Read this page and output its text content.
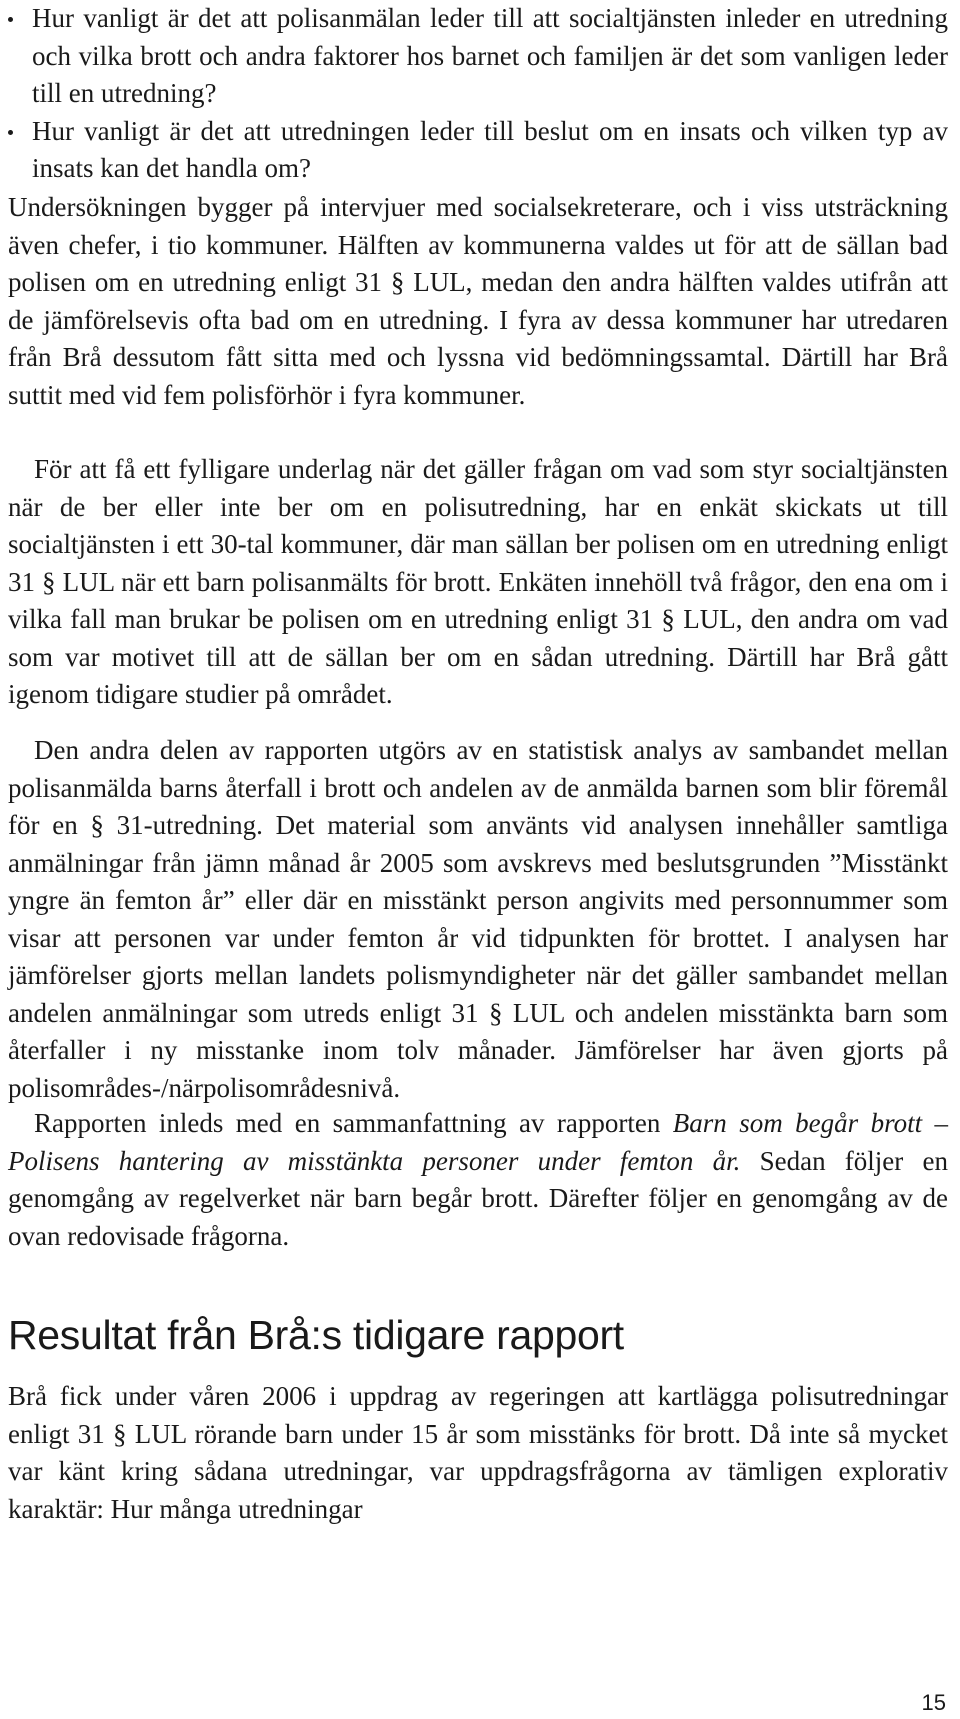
Hur vanligt är det att polisanmälan leder till att socialtjänsten inleder en utredning och vilka brott och andra faktorer hos barnet och familjen är det som vanligen leder till en utredning?
Hur vanligt är det att utredningen leder till beslut om en insats och vilken typ av insats kan det handla om?

Undersökningen bygger på intervjuer med socialsekreterare, och i viss utsträckning även chefer, i tio kommuner. Hälften av kommunerna valdes ut för att de sällan bad polisen om en utredning enligt 31 § LUL, medan den andra hälften valdes utifrån att de jämförelsevis ofta bad om en utredning. I fyra av dessa kommuner har utredaren från Brå dessutom fått sitta med och lyssna vid bedömningssamtal. Därtill har Brå suttit med vid fem polisförhör i fyra kommuner.

För att få ett fylligare underlag när det gäller frågan om vad som styr socialtjänsten när de ber eller inte ber om en polisutredning, har en enkät skickats ut till socialtjänsten i ett 30-tal kommuner, där man sällan ber polisen om en utredning enligt 31 § LUL när ett barn polisanmälts för brott. Enkäten innehöll två frågor, den ena om i vilka fall man brukar be polisen om en utredning enligt 31 § LUL, den andra om vad som var motivet till att de sällan ber om en sådan utredning. Därtill har Brå gått igenom tidigare studier på området.

Den andra delen av rapporten utgörs av en statistisk analys av sambandet mellan polisanmälda barns återfall i brott och andelen av de anmälda barnen som blir föremål för en § 31-utredning. Det material som använts vid analysen innehåller samtliga anmälningar från jämn månad år 2005 som avskrevs med beslutsgrunden ”Misstänkt yngre än femton år” eller där en misstänkt person angivits med personnummer som visar att personen var under femton år vid tidpunkten för brottet. I analysen har jämförelser gjorts mellan landets polismyndigheter när det gäller sambandet mellan andelen anmälningar som utreds enligt 31 § LUL och andelen misstänkta barn som återfaller i ny misstanke inom tolv månader. Jämförelser har även gjorts på polisområdes-/närpolisområdesnivå.

Rapporten inleds med en sammanfattning av rapporten Barn som begår brott – Polisens hantering av misstänkta personer under femton år. Sedan följer en genomgång av regelverket när barn begår brott. Därefter följer en genomgång av de ovan redovisade frågorna.

Resultat från Brå:s tidigare rapport

Brå fick under våren 2006 i uppdrag av regeringen att kartlägga polisutredningar enligt 31 § LUL rörande barn under 15 år som misstänks för brott. Då inte så mycket var känt kring sådana utredningar, var uppdragsfrågorna av tämligen explorativ karaktär: Hur många utredningar

15
